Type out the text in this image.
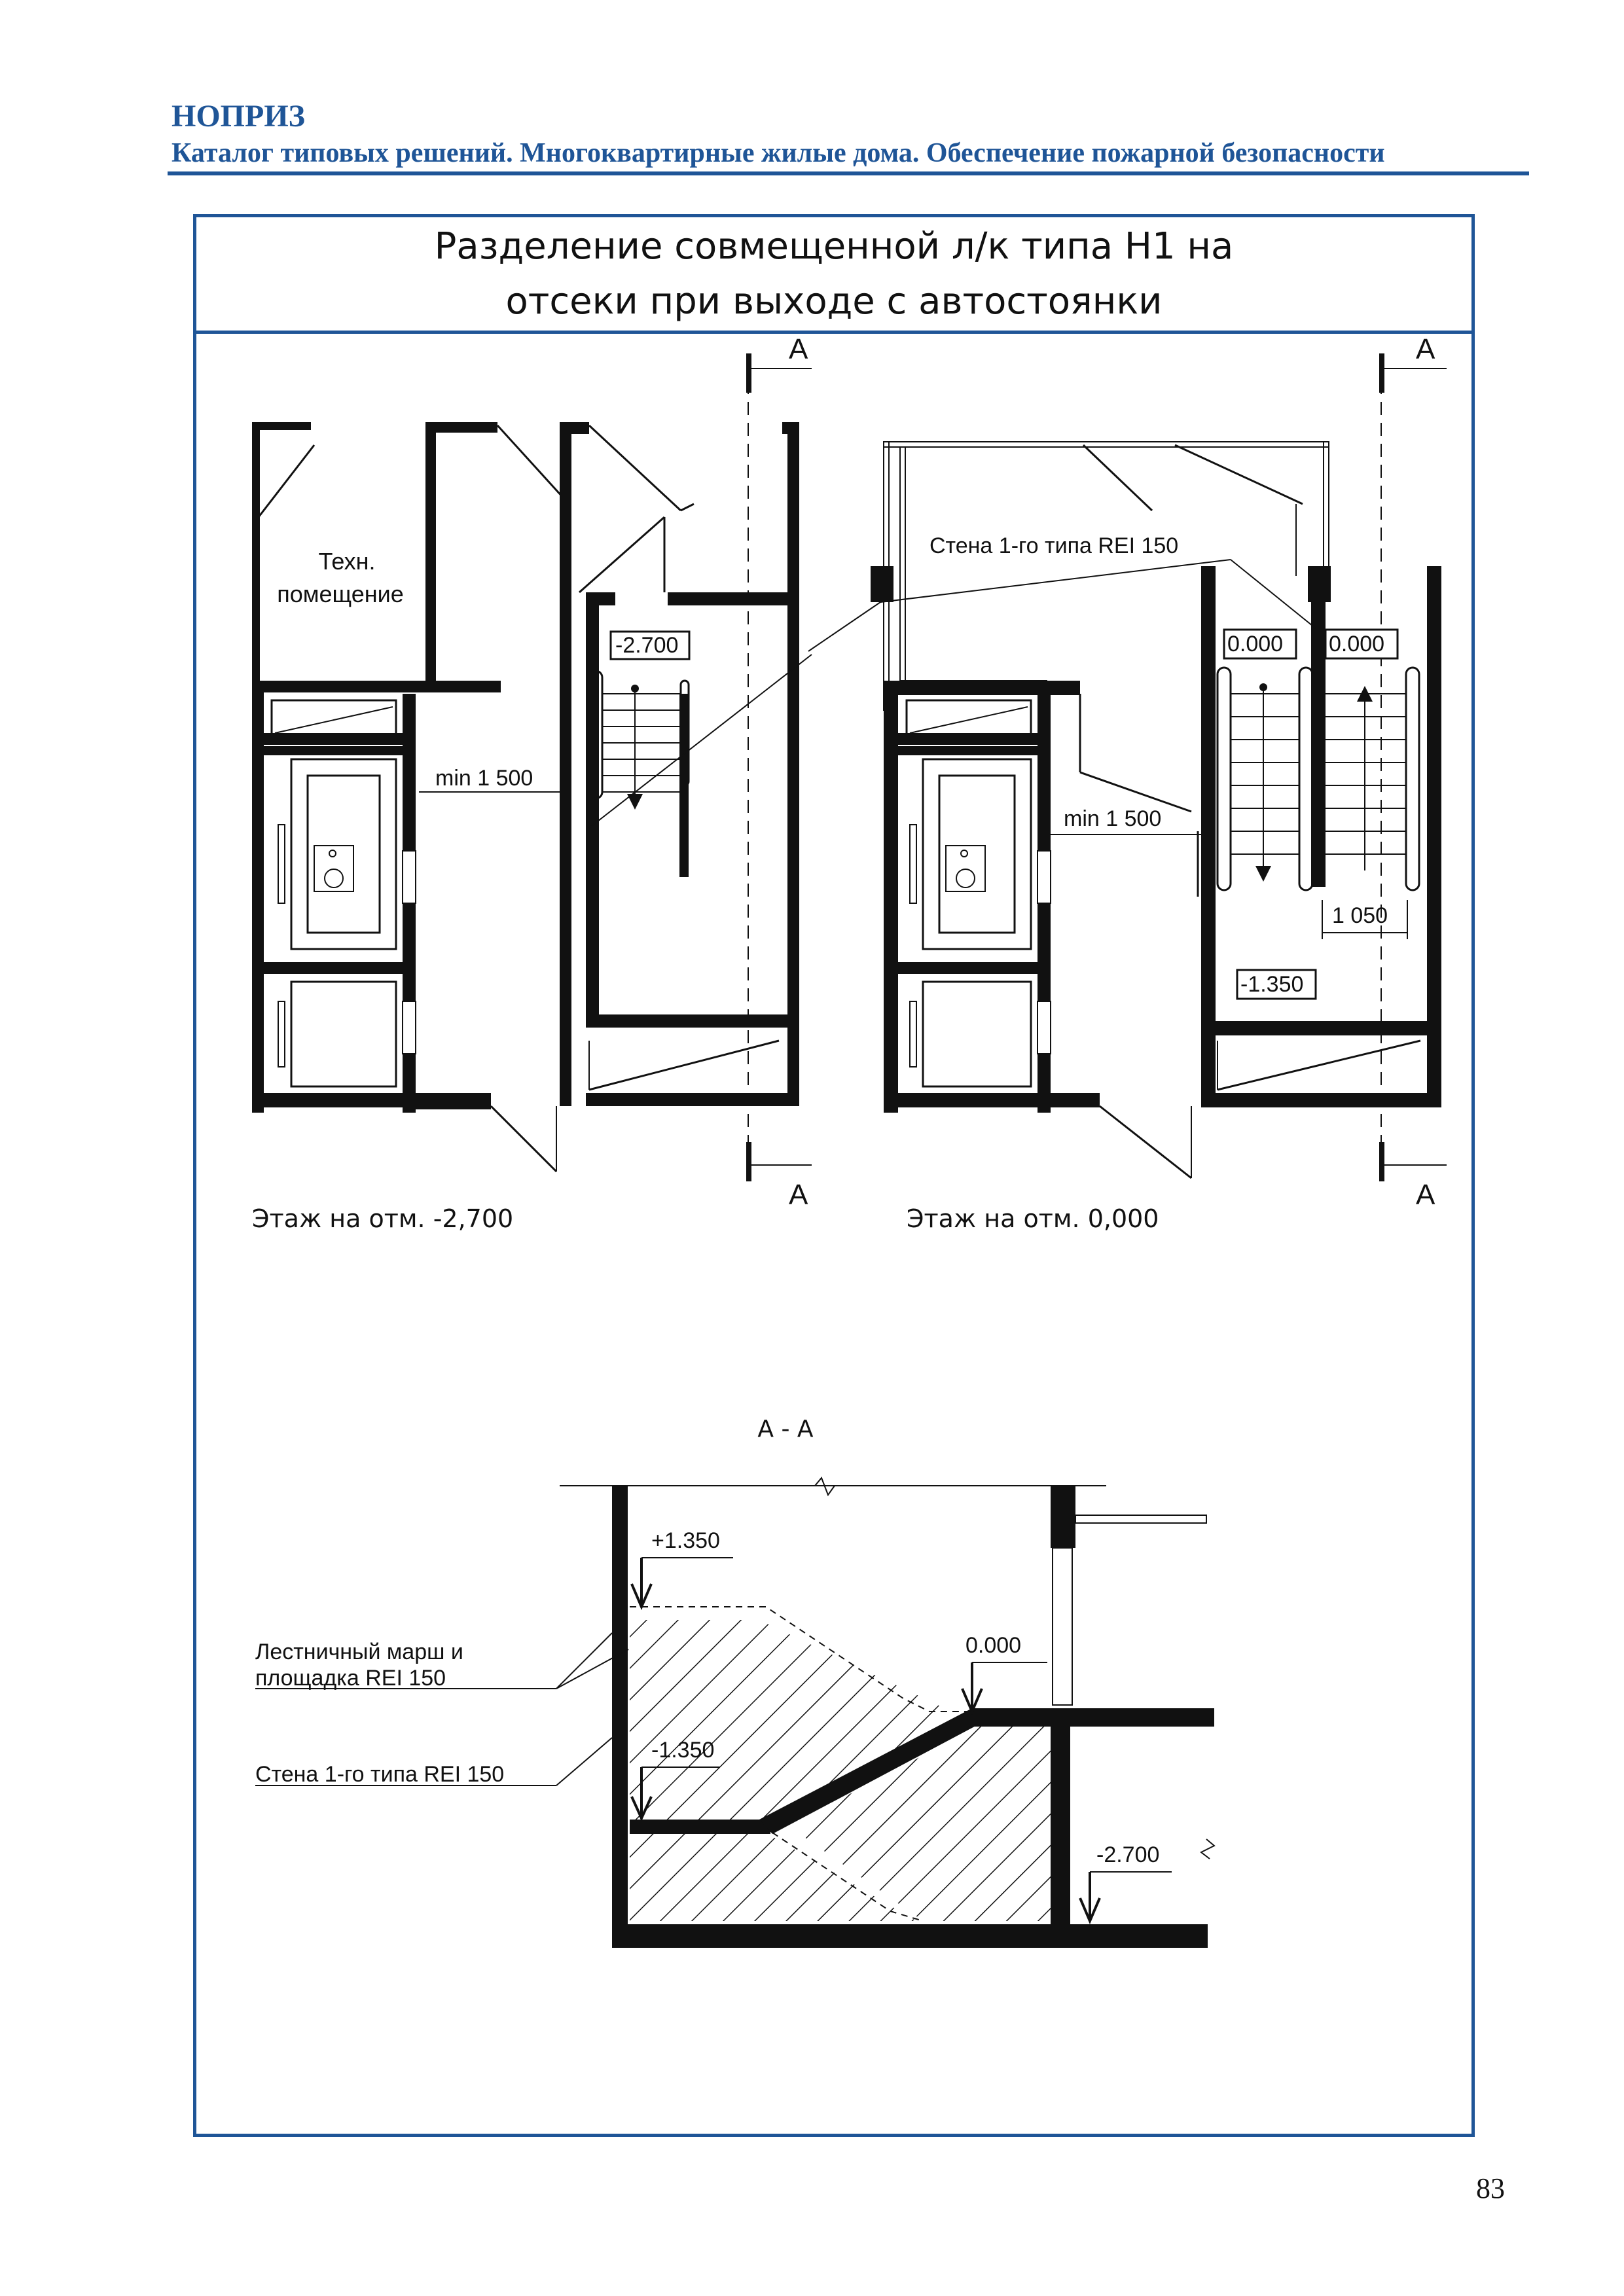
НОПРИЗ
Каталог типовых решений. Многоквартирные жилые дома. Обеспечение пожарной безопасности
Разделение совмещенной л/к типа Н1 на
отсеки при выходе с автостоянки
Техн.
помещение
-2.700
min 1 500
А
А
Этаж на отм. -2,700
Стена 1-го типа REI 150
0.000 0.000
min 1 500
1 050
-1.350
А
А
Этаж на отм. 0,000
А - А
+1.350
0.000
-1.350
-2.700
Лестничный марш и
площадка REI 150
Стена 1-го типа REI 150
83
